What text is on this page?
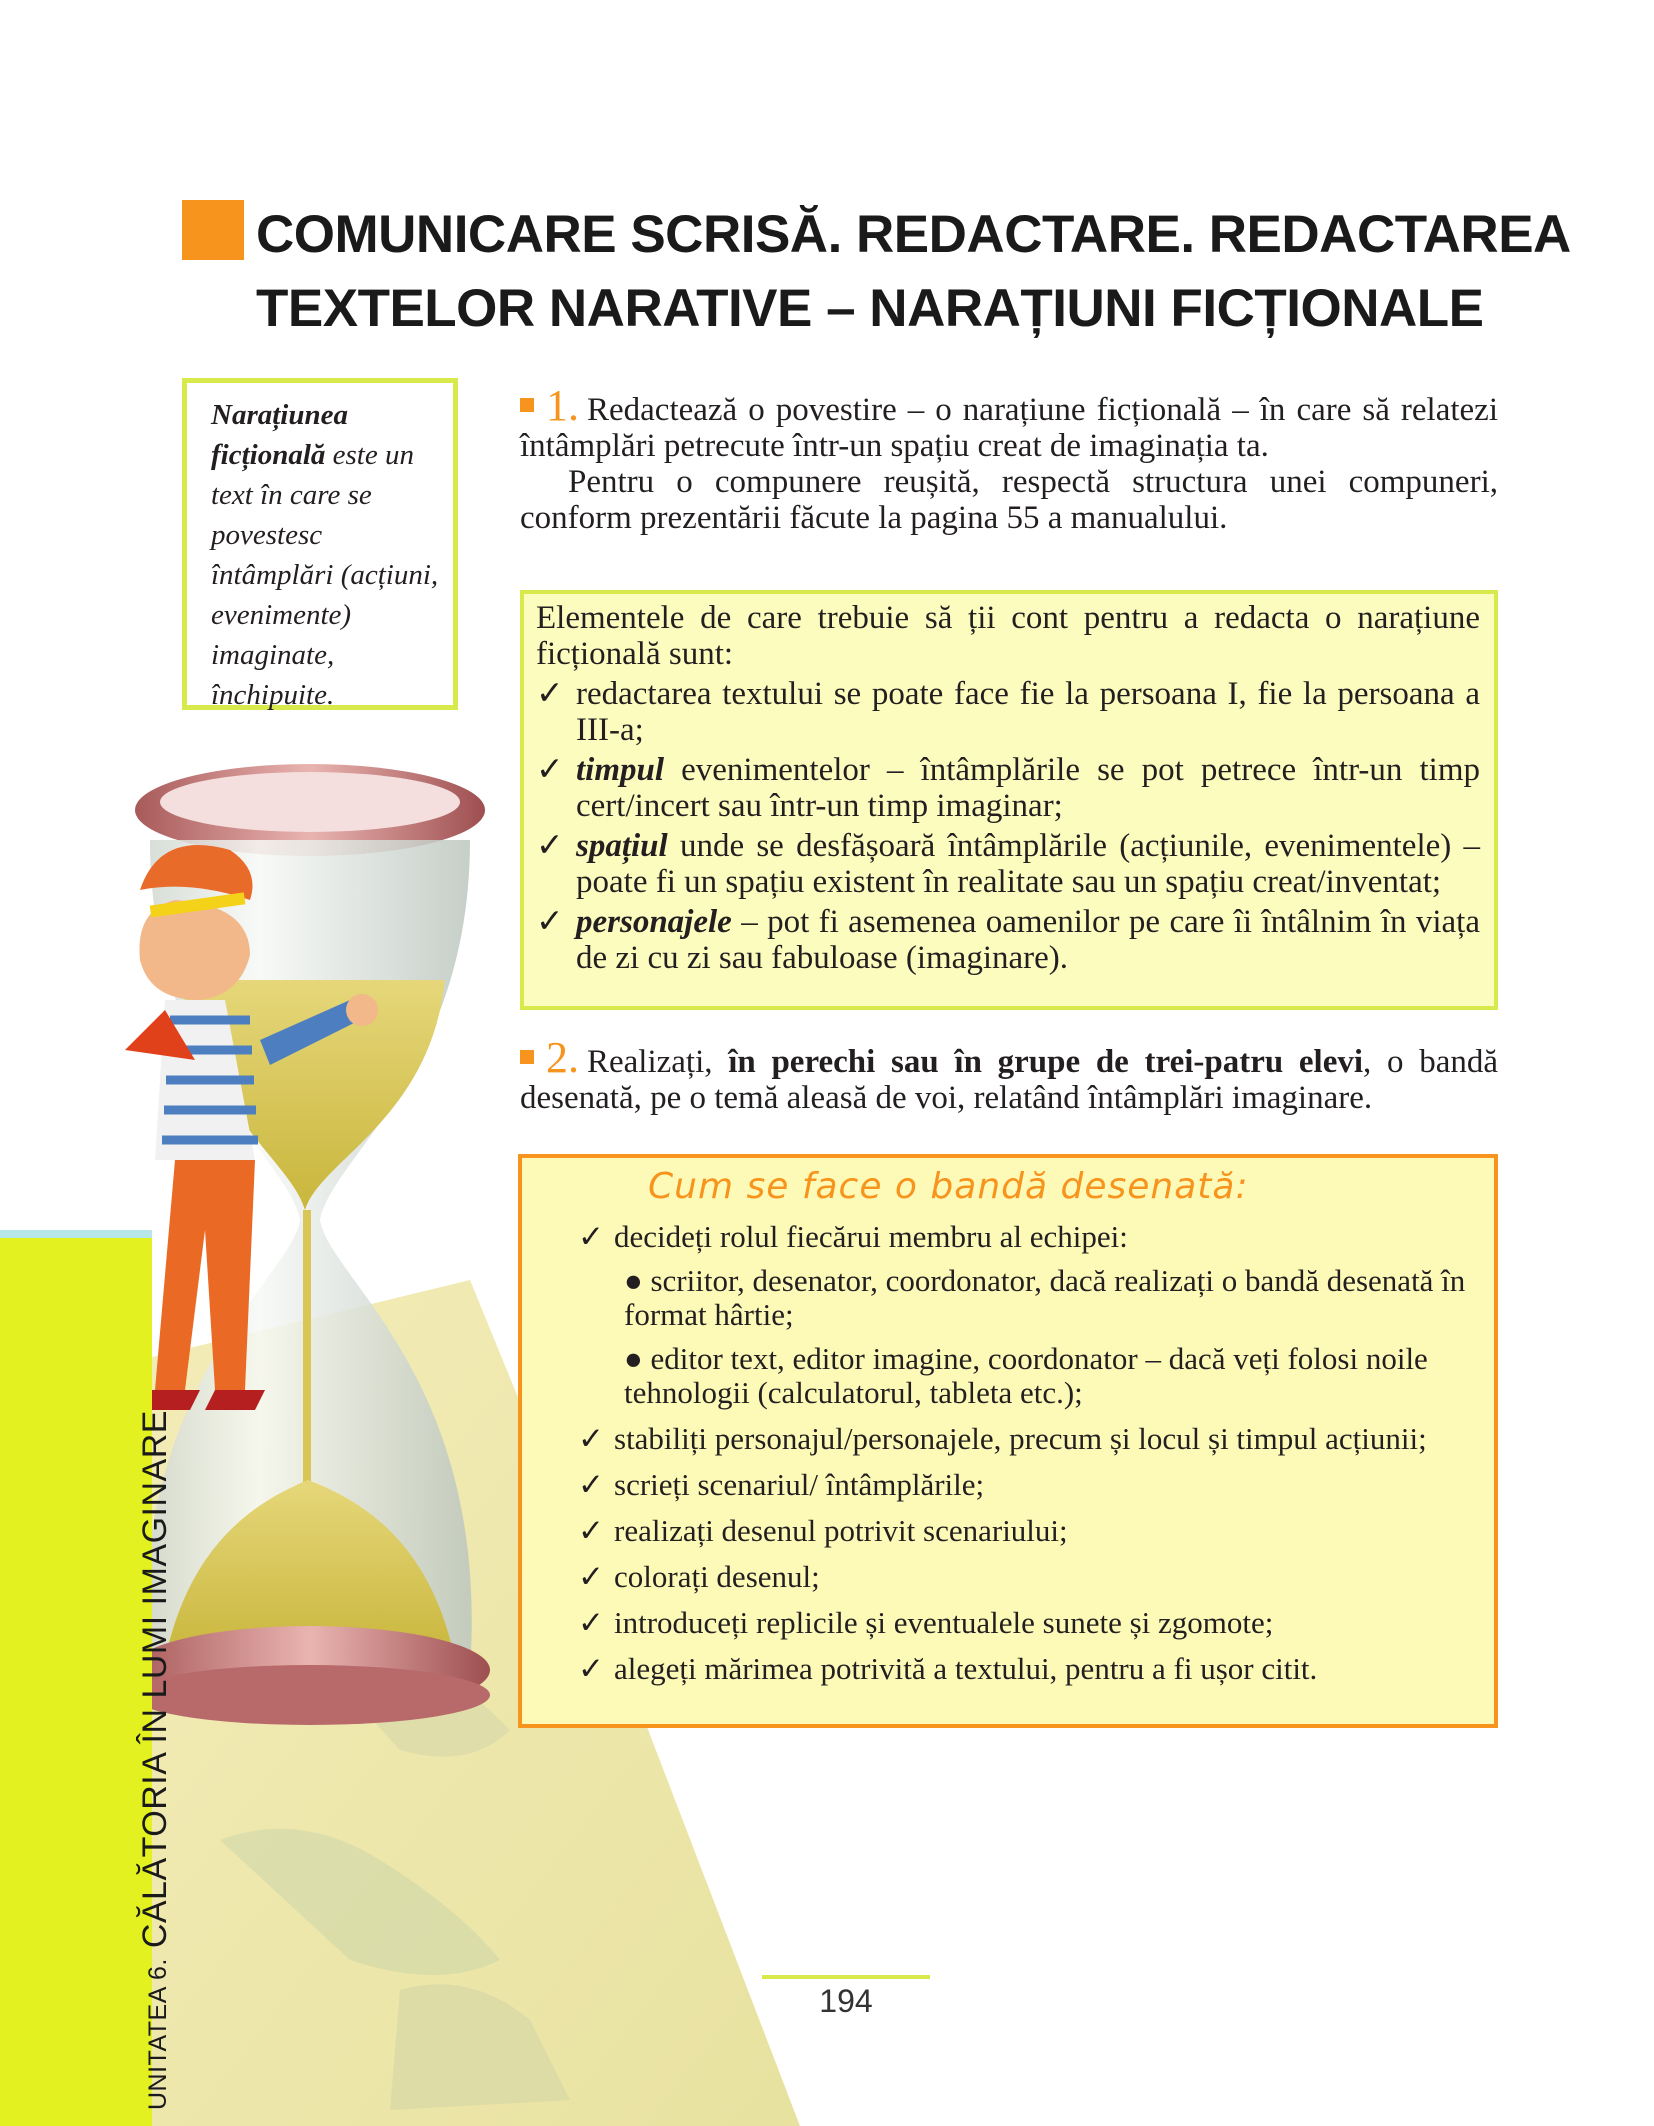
COMUNICARE SCRISĂ. REDACTARE. REDACTAREA
TEXTELOR NARATIVE – NARAȚIUNI FICȚIONALE
UNITATEA 6.CĂLĂTORIA ÎN LUMI IMAGINARE
Narațiunea ficțională este un text în care se povestesc întâmplări (acțiuni, evenimente) imaginate, închipuite.

1. Redactează o povestire – o narațiune ficțională – în care să relatezi întâmplări petrecute într-un spațiu creat de imaginația ta.

Pentru o compunere reușită, respectă structura unei compuneri, conform prezentării făcute la pagina 55 a manualului.

Elementele de care trebuie să ții cont pentru a redacta o narațiune ficțională sunt:

✓ redactarea textului se poate face fie la persoana I, fie la persoana a III-a;
✓ timpul evenimentelor – întâmplările se pot petrece într-un timp cert/incert sau într-un timp imaginar;
✓ spațiul unde se desfășoară întâmplările (acțiunile, evenimentele) – poate fi un spațiu existent în realitate sau un spațiu creat/inventat;
✓ personajele – pot fi asemenea oamenilor pe care îi întâlnim în viața de zi cu zi sau fabuloase (imaginare).

2. Realizați, în perechi sau în grupe de trei-patru elevi, o bandă desenată, pe o temă aleasă de voi, relatând întâmplări imaginare.

Cum se face o bandă desenată:
✓ decideți rolul fiecărui membru al echipei:
● scriitor, desenator, coordonator, dacă realizați o bandă desenată în format hârtie;
● editor text, editor imagine, coordonator – dacă veți folosi noile tehnologii (calculatorul, tableta etc.);
✓ stabiliți personajul/personajele, precum și locul și timpul acțiunii;
✓ scrieți scenariul/ întâmplările;
✓ realizați desenul potrivit scenariului;
✓ colorați desenul;
✓ introduceți replicile și eventualele sunete și zgomote;
✓ alegeți mărimea potrivită a textului, pentru a fi ușor citit.
194
